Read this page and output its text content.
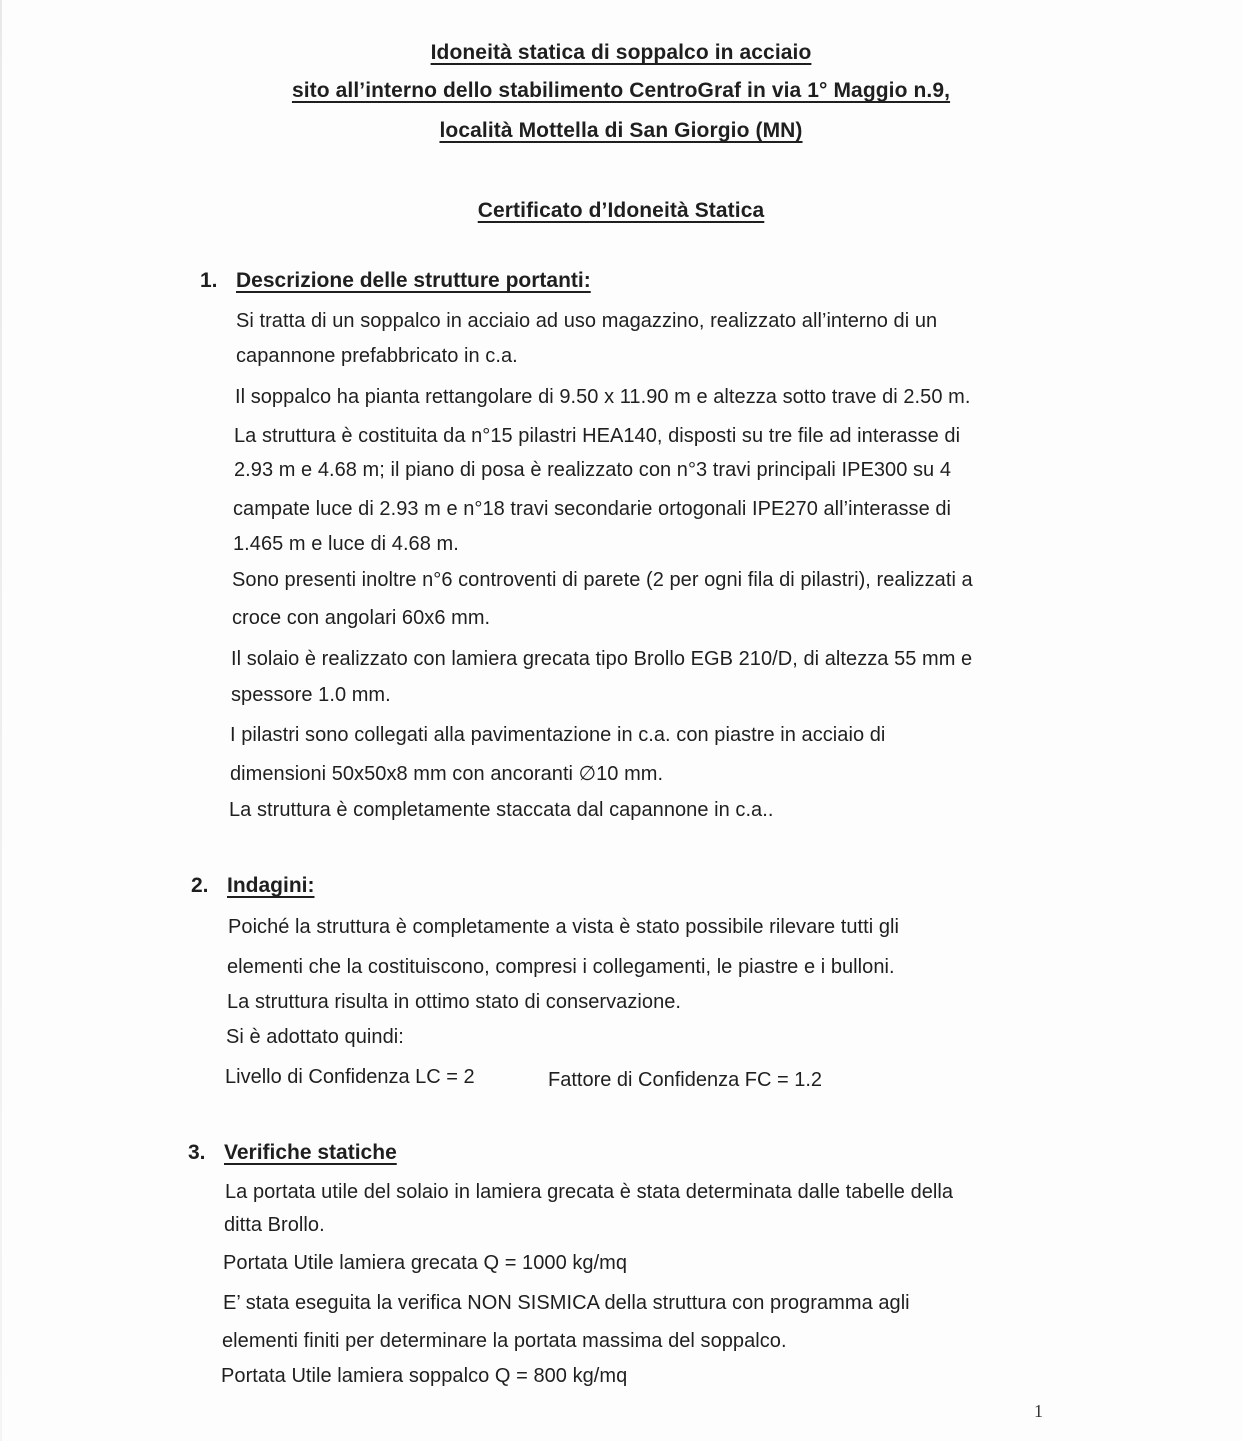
Idoneità statica di soppalco in acciaio
sito all’interno dello stabilimento CentroGraf in via 1° Maggio n.9,
località Mottella di San Giorgio (MN)
Certificato d’Idoneità Statica
1. Descrizione delle strutture portanti:
Si tratta di un soppalco in acciaio ad uso magazzino, realizzato all’interno di un
capannone prefabbricato in c.a.
Il soppalco ha pianta rettangolare di 9.50 x 11.90 m e altezza sotto trave di 2.50 m.
La struttura è costituita da n°15 pilastri HEA140, disposti su tre file ad interasse di
2.93 m e 4.68 m; il piano di posa è realizzato con n°3 travi principali IPE300 su 4
campate luce di 2.93 m e n°18 travi secondarie ortogonali IPE270 all’interasse di
1.465 m e luce di 4.68 m.
Sono presenti inoltre n°6 controventi di parete (2 per ogni fila di pilastri), realizzati a
croce con angolari 60x6 mm.
Il solaio è realizzato con lamiera grecata tipo Brollo EGB 210/D, di altezza 55 mm e
spessore 1.0 mm.
I pilastri sono collegati alla pavimentazione in c.a. con piastre in acciaio di
dimensioni 50x50x8 mm con ancoranti ∅10 mm.
La struttura è completamente staccata dal capannone in c.a..
2. Indagini:
Poiché la struttura è completamente a vista è stato possibile rilevare tutti gli
elementi che la costituiscono, compresi i collegamenti, le piastre e i bulloni.
La struttura risulta in ottimo stato di conservazione.
Si è adottato quindi:
Livello di Confidenza LC = 2	Fattore di Confidenza FC = 1.2
3. Verifiche statiche
La portata utile del solaio in lamiera grecata è stata determinata dalle tabelle della
ditta Brollo.
Portata Utile lamiera grecata Q = 1000 kg/mq
E’ stata eseguita la verifica NON SISMICA della struttura con programma agli
elementi finiti per determinare la portata massima del soppalco.
Portata Utile lamiera soppalco Q = 800 kg/mq
1
